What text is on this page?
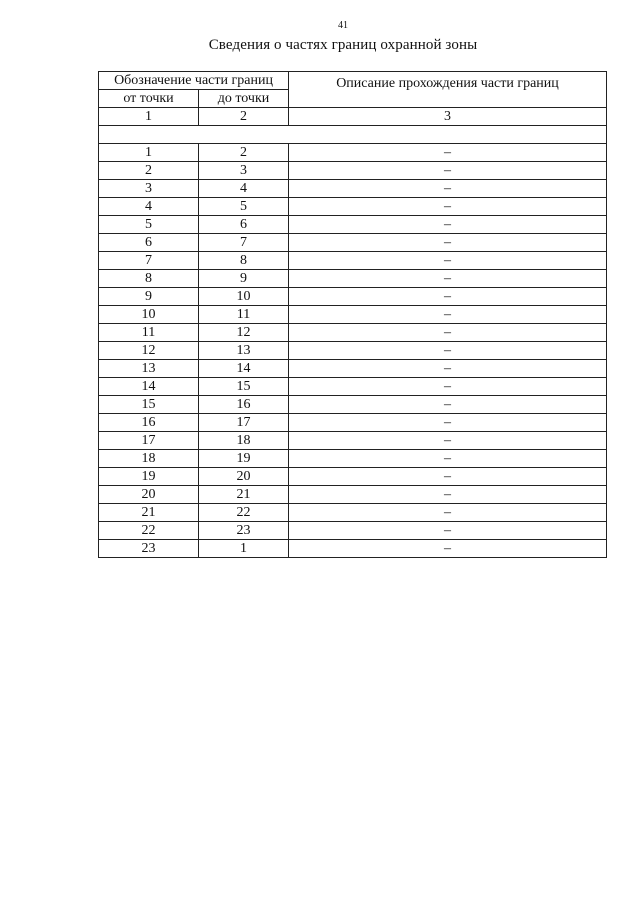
41
Сведения о частях границ охранной зоны
Обозначение части границ		Описание прохождения части границ
от точки	до точки	
1	2	3

1	2	–
2	3	–
3	4	–
4	5	–
5	6	–
6	7	–
7	8	–
8	9	–
9	10	–
10	11	–
11	12	–
12	13	–
13	14	–
14	15	–
15	16	–
16	17	–
17	18	–
18	19	–
19	20	–
20	21	–
21	22	–
22	23	–
23	1	–
